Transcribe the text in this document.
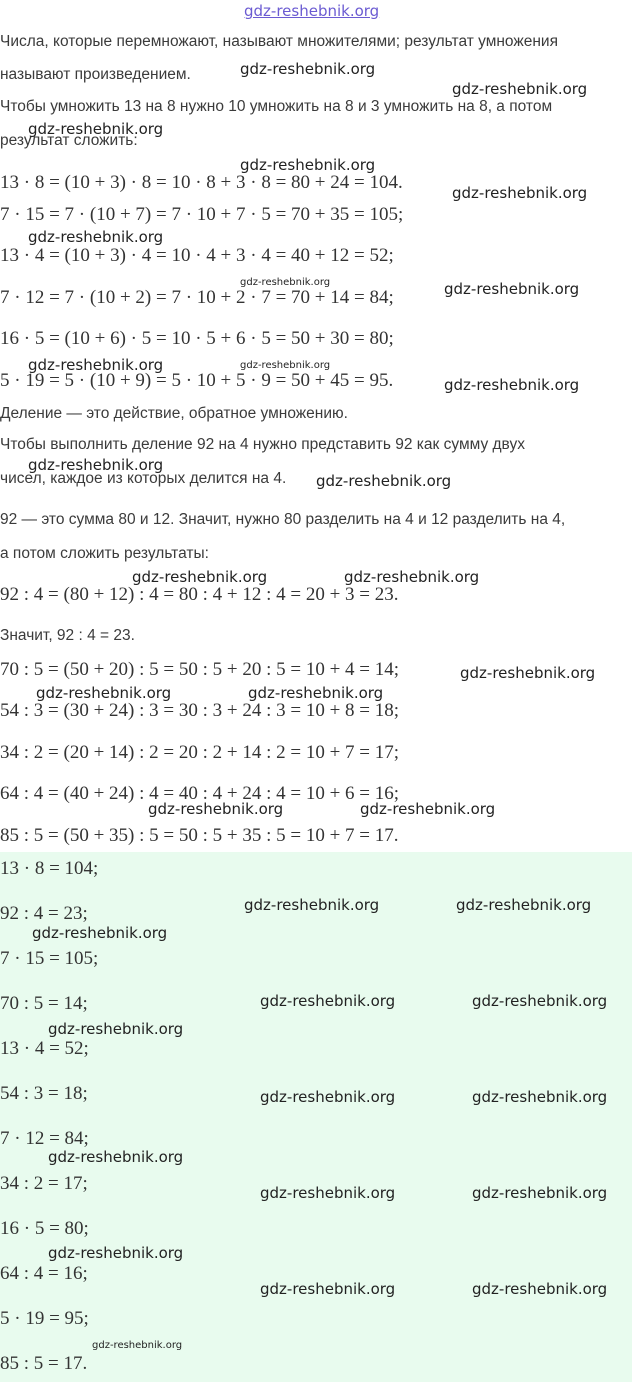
gdz-reshebnik.org
Числа, которые перемножают, называют множителями; результат умножения
называют произведением.
Чтобы умножить 13 на 8 нужно 10 умножить на 8 и 3 умножить на 8, а потом
результат сложить:
13 · 8 = (10 + 3) · 8 = 10 · 8 + 3 · 8 = 80 + 24 = 104.
7 · 15 = 7 · (10 + 7) = 7 · 10 + 7 · 5 = 70 + 35 = 105;
13 · 4 = (10 + 3) · 4 = 10 · 4 + 3 · 4 = 40 + 12 = 52;
7 · 12 = 7 · (10 + 2) = 7 · 10 + 2 · 7 = 70 + 14 = 84;
16 · 5 = (10 + 6) · 5 = 10 · 5 + 6 · 5 = 50 + 30 = 80;
5 · 19 = 5 · (10 + 9) = 5 · 10 + 5 · 9 = 50 + 45 = 95.
Деление — это действие, обратное умножению.
Чтобы выполнить деление 92 на 4 нужно представить 92 как сумму двух
чисел, каждое из которых делится на 4.
92 — это сумма 80 и 12. Значит, нужно 80 разделить на 4 и 12 разделить на 4,
а потом сложить результаты:
92 : 4 = (80 + 12) : 4 = 80 : 4 + 12 : 4 = 20 + 3 = 23.
Значит, 92 : 4 = 23.
70 : 5 = (50 + 20) : 5 = 50 : 5 + 20 : 5 = 10 + 4 = 14;
54 : 3 = (30 + 24) : 3 = 30 : 3 + 24 : 3 = 10 + 8 = 18;
34 : 2 = (20 + 14) : 2 = 20 : 2 + 14 : 2 = 10 + 7 = 17;
64 : 4 = (40 + 24) : 4 = 40 : 4 + 24 : 4 = 10 + 6 = 16;
85 : 5 = (50 + 35) : 5 = 50 : 5 + 35 : 5 = 10 + 7 = 17.
13 · 8 = 104;
92 : 4 = 23;
7 · 15 = 105;
70 : 5 = 14;
13 · 4 = 52;
54 : 3 = 18;
7 · 12 = 84;
34 : 2 = 17;
16 · 5 = 80;
64 : 4 = 16;
5 · 19 = 95;
85 : 5 = 17.
gdz-reshebnik.org
gdz-reshebnik.org
gdz-reshebnik.org
gdz-reshebnik.org
gdz-reshebnik.org
gdz-reshebnik.org
gdz-reshebnik.org	gdz-reshebnik.org
gdz-reshebnik.org	gdz-reshebnik.org
gdz-reshebnik.org
gdz-reshebnik.org
gdz-reshebnik.org
gdz-reshebnik.org	gdz-reshebnik.org
gdz-reshebnik.org
gdz-reshebnik.org	gdz-reshebnik.org
gdz-reshebnik.org	gdz-reshebnik.org
gdz-reshebnik.org	gdz-reshebnik.org
gdz-reshebnik.org
gdz-reshebnik.org	gdz-reshebnik.org
gdz-reshebnik.org
gdz-reshebnik.org	gdz-reshebnik.org
gdz-reshebnik.org
gdz-reshebnik.org	gdz-reshebnik.org
gdz-reshebnik.org
gdz-reshebnik.org	gdz-reshebnik.org
gdz-reshebnik.org
